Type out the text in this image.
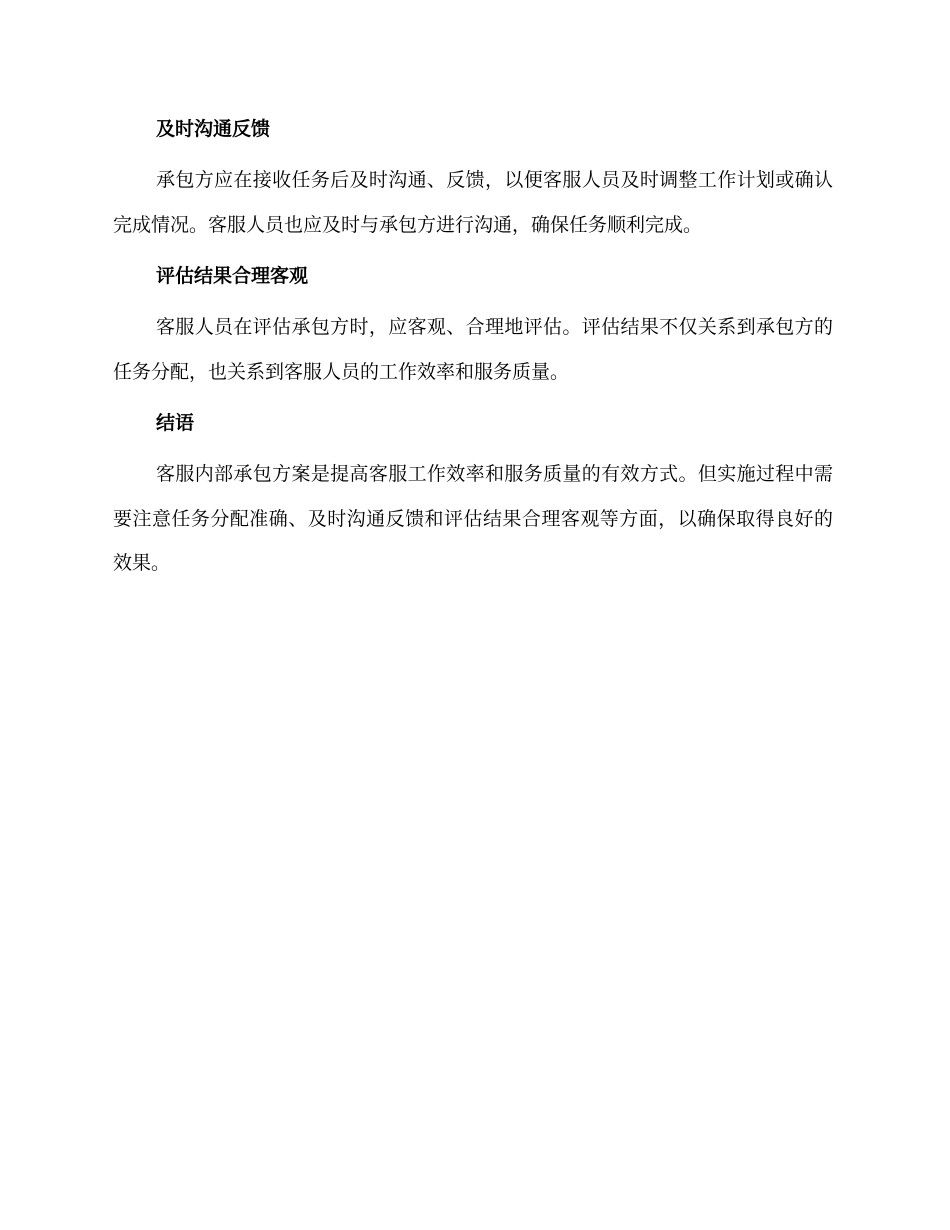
及时沟通反馈

承包方应在接收任务后及时沟通、反馈，以便客服人员及时调整工作计划或确认完成情况。客服人员也应及时与承包方进行沟通，确保任务顺利完成。

评估结果合理客观

客服人员在评估承包方时，应客观、合理地评估。评估结果不仅关系到承包方的任务分配，也关系到客服人员的工作效率和服务质量。

结语

客服内部承包方案是提高客服工作效率和服务质量的有效方式。但实施过程中需要注意任务分配准确、及时沟通反馈和评估结果合理客观等方面，以确保取得良好的效果。
